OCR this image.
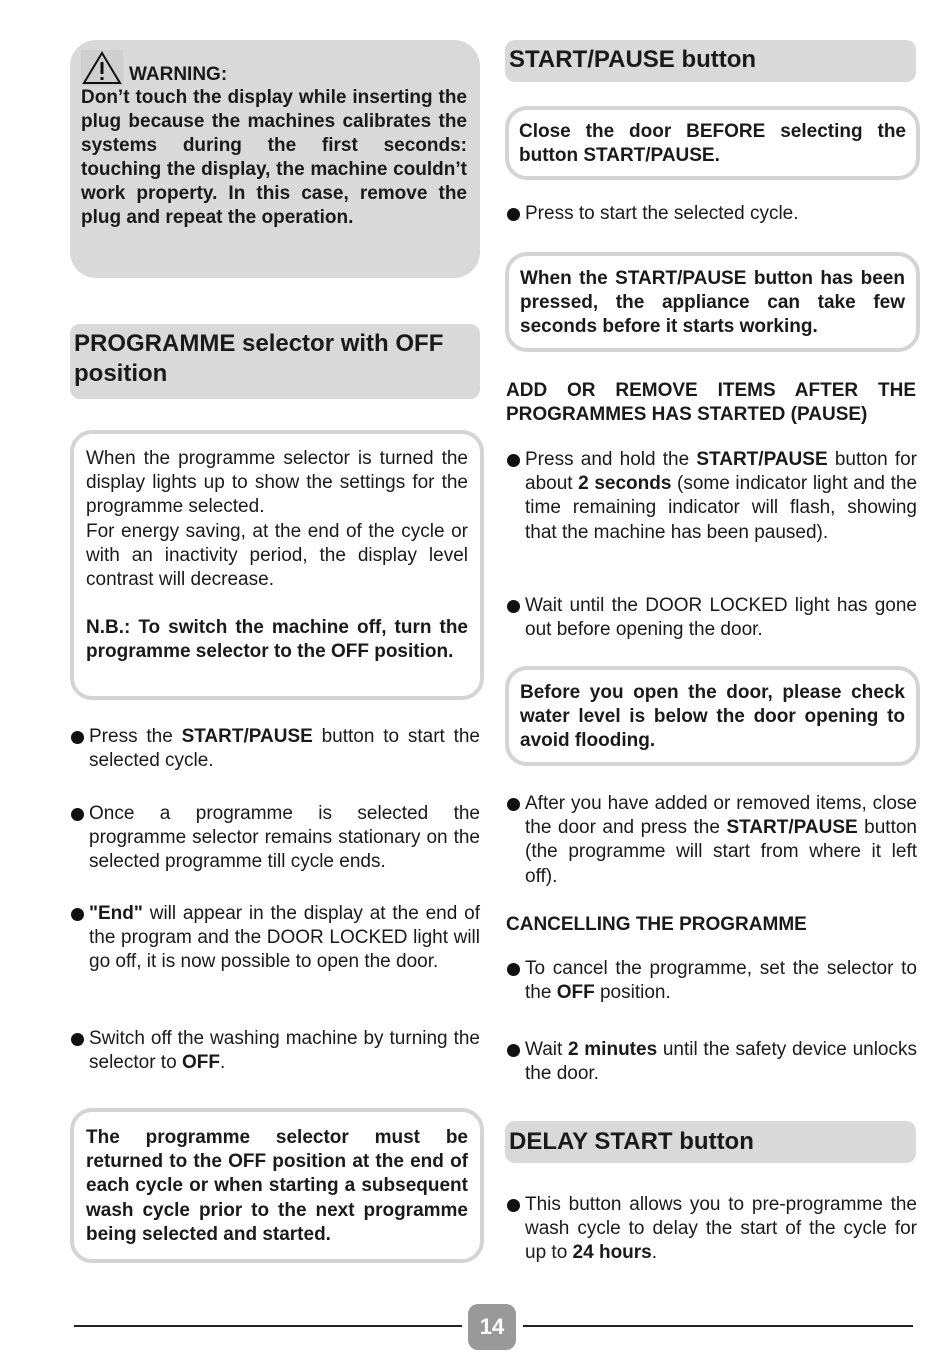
WARNING:
Don’t touch the display while inserting the plug because the machines calibrates the systems during the first seconds: touching the display, the machine couldn’t work property. In this case, remove the plug and repeat the operation.
PROGRAMME selector with OFF position
When the programme selector is turned the display lights up to show the settings for the programme selected.
For energy saving, at the end of the cycle or with an inactivity period, the display level contrast will decrease.
N.B.: To switch the machine off, turn the programme selector to the OFF position.
Press the START/PAUSE button to start the selected cycle.
Once a programme is selected the programme selector remains stationary on the selected programme till cycle ends.
"End" will appear in the display at the end of the program and the DOOR LOCKED light will go off, it is now possible to open the door.
Switch off the washing machine by turning the selector to OFF.
The programme selector must be returned to the OFF position at the end of each cycle or when starting a subsequent wash cycle prior to the next programme being selected and started.
START/PAUSE button
Close the door BEFORE selecting the button START/PAUSE.
Press to start the selected cycle.
When the START/PAUSE button has been pressed, the appliance can take few seconds before it starts working.
ADD OR REMOVE ITEMS AFTER THE PROGRAMMES HAS STARTED (PAUSE)
Press and hold the START/PAUSE button for about 2 seconds (some indicator light and the time remaining indicator will flash, showing that the machine has been paused).
Wait until the DOOR LOCKED light has gone out before opening the door.
Before you open the door, please check water level is below the door opening to avoid flooding.
After you have added or removed items, close the door and press the START/PAUSE button (the programme will start from where it left off).
CANCELLING THE PROGRAMME
To cancel the programme, set the selector to the OFF position.
Wait 2 minutes until the safety device unlocks the door.
DELAY START button
This button allows you to pre-programme the wash cycle to delay the start of the cycle for up to 24 hours.
14
